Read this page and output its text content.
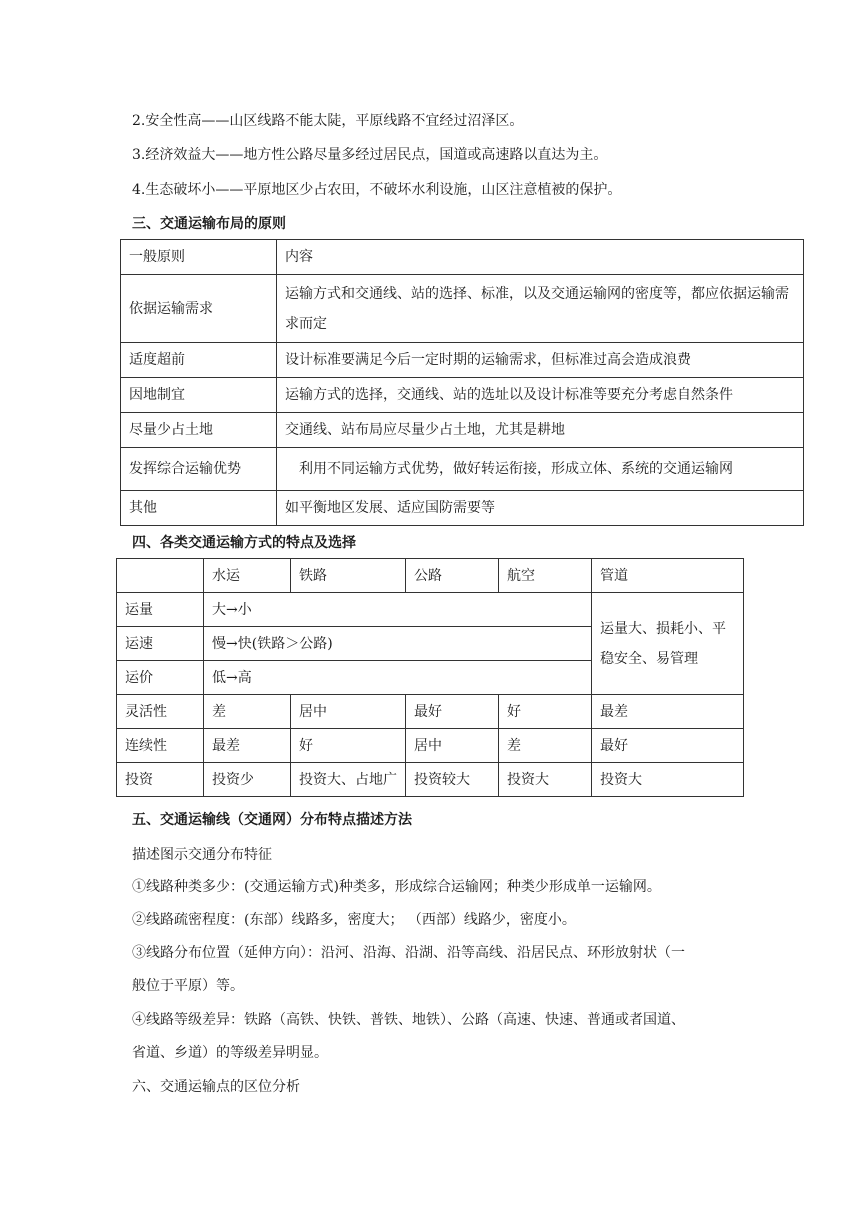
2.安全性高——山区线路不能太陡，平原线路不宜经过沼泽区。
3.经济效益大——地方性公路尽量多经过居民点，国道或高速路以直达为主。
4.生态破坏小——平原地区少占农田，不破坏水利设施，山区注意植被的保护。
三、交通运输布局的原则
一般原则	内容
依据运输需求	运输方式和交通线、站的选择、标准，以及交通运输网的密度等，都应依据运输需求而定
适度超前	设计标准要满足今后一定时期的运输需求，但标准过高会造成浪费
因地制宜	运输方式的选择，交通线、站的选址以及设计标准等要充分考虑自然条件
尽量少占土地	交通线、站布局应尽量少占土地，尤其是耕地
发挥综合运输优势	利用不同运输方式优势，做好转运衔接，形成立体、系统的交通运输网
其他	如平衡地区发展、适应国防需要等
四、各类交通运输方式的特点及选择
	水运	铁路	公路	航空	管道
运量	大→小				运量大、损耗小、平稳安全、易管理
运速	慢→快(铁路＞公路)				
运价	低→高				
灵活性	差	居中	最好	好	最差
连续性	最差	好	居中	差	最好
投资	投资少	投资大、占地广	投资较大	投资大	投资大
五、交通运输线（交通网）分布特点描述方法
描述图示交通分布特征
①线路种类多少：(交通运输方式)种类多，形成综合运输网；种类少形成单一运输网。
②线路疏密程度：(东部）线路多，密度大； （西部）线路少，密度小。
③线路分布位置（延伸方向）：沿河、沿海、沿湖、沿等高线、沿居民点、环形放射状（一
般位于平原）等。
④线路等级差异：铁路（高铁、快铁、普铁、地铁）、公路（高速、快速、普通或者国道、
省道、乡道）的等级差异明显。
六、交通运输点的区位分析
